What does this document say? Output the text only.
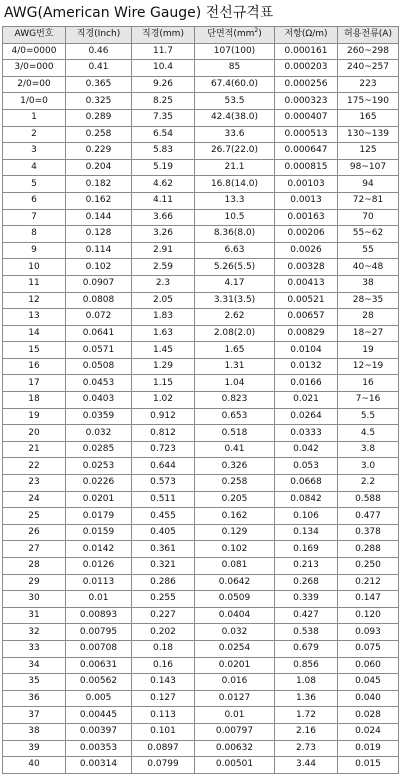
AWG(American Wire Gauge) 전선규격표
AWG번호	직경(Inch)	직경(mm)	단면적$(mm^2)$	저항(Ω/m)	허용전류(A)
4/0=0000	0.46	11.7	107(100)	0.000161	260~298
3/0=000	0.41	10.4	85	0.000203	240~257
2/0=00	0.365	9.26	67.4(60.0)	0.000256	223
1/0=0	0.325	8.25	53.5	0.000323	175~190
1	0.289	7.35	42.4(38.0)	0.000407	165
2	0.258	6.54	33.6	0.000513	130~139
3	0.229	5.83	26.7(22.0)	0.000647	125
4	0.204	5.19	21.1	0.000815	98~107
5	0.182	4.62	16.8(14.0)	0.00103	94
6	0.162	4.11	13.3	0.0013	72~81
7	0.144	3.66	10.5	0.00163	70
8	0.128	3.26	8.36(8.0)	0.00206	55~62
9	0.114	2.91	6.63	0.0026	55
10	0.102	2.59	5.26(5.5)	0.00328	40~48
11	0.0907	2.3	4.17	0.00413	38
12	0.0808	2.05	3.31(3.5)	0.00521	28~35
13	0.072	1.83	2.62	0.00657	28
14	0.0641	1.63	2.08(2.0)	0.00829	18~27
15	0.0571	1.45	1.65	0.0104	19
16	0.0508	1.29	1.31	0.0132	12~19
17	0.0453	1.15	1.04	0.0166	16
18	0.0403	1.02	0.823	0.021	7~16
19	0.0359	0.912	0.653	0.0264	5.5
20	0.032	0.812	0.518	0.0333	4.5
21	0.0285	0.723	0.41	0.042	3.8
22	0.0253	0.644	0.326	0.053	3.0
23	0.0226	0.573	0.258	0.0668	2.2
24	0.0201	0.511	0.205	0.0842	0.588
25	0.0179	0.455	0.162	0.106	0.477
26	0.0159	0.405	0.129	0.134	0.378
27	0.0142	0.361	0.102	0.169	0.288
28	0.0126	0.321	0.081	0.213	0.250
29	0.0113	0.286	0.0642	0.268	0.212
30	0.01	0.255	0.0509	0.339	0.147
31	0.00893	0.227	0.0404	0.427	0.120
32	0.00795	0.202	0.032	0.538	0.093
33	0.00708	0.18	0.0254	0.679	0.075
34	0.00631	0.16	0.0201	0.856	0.060
35	0.00562	0.143	0.016	1.08	0.045
36	0.005	0.127	0.0127	1.36	0.040
37	0.00445	0.113	0.01	1.72	0.028
38	0.00397	0.101	0.00797	2.16	0.024
39	0.00353	0.0897	0.00632	2.73	0.019
40	0.00314	0.0799	0.00501	3.44	0.015
